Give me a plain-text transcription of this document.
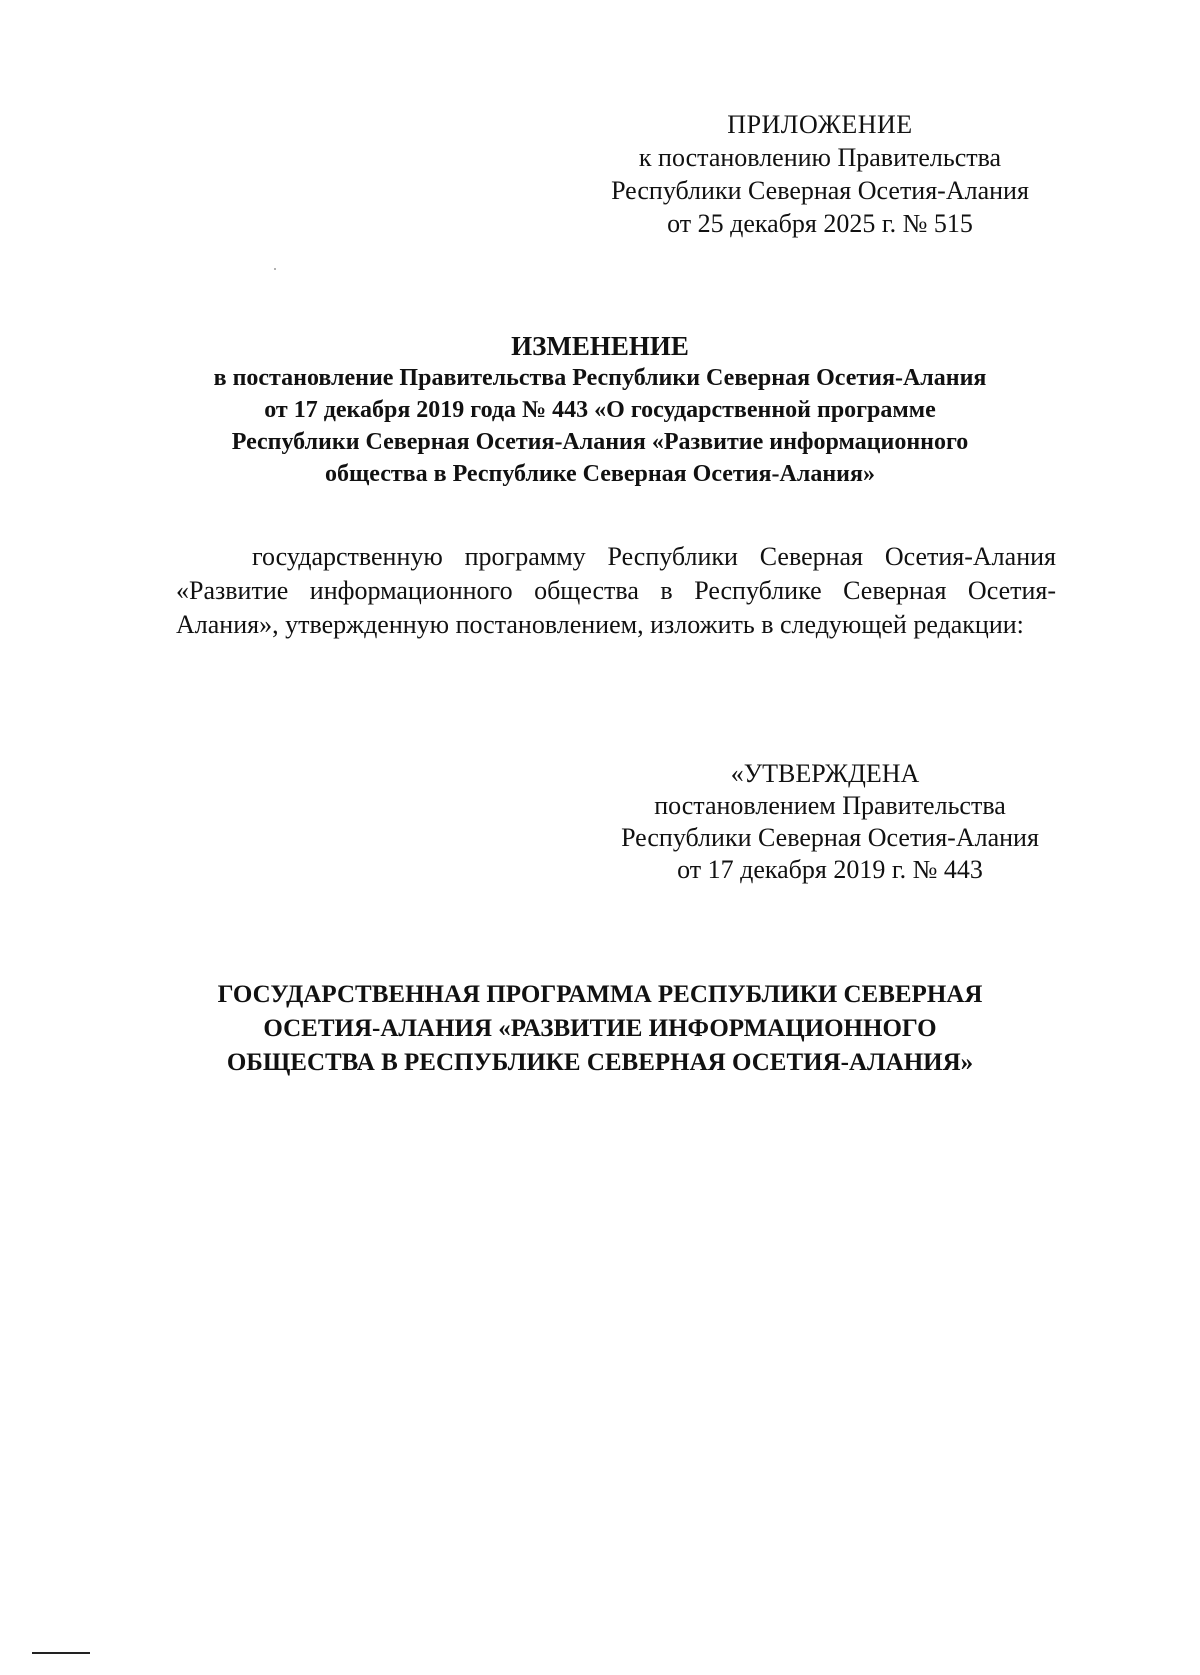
ПРИЛОЖЕНИЕ
к постановлению Правительства
Республики Северная Осетия-Алания
от 25 декабря 2025 г. № 515
ИЗМЕНЕНИЕ
в постановление Правительства Республики Северная Осетия-Алания
от 17 декабря 2019 года № 443 «О государственной программе
Республики Северная Осетия-Алания «Развитие информационного
общества в Республике Северная Осетия-Алания»
государственную программу Республики Северная Осетия-Алания
«Развитие информационного общества в Республике Северная Осетия-
Алания», утвержденную постановлением, изложить в следующей редакции:
«УТВЕРЖДЕНА
постановлением Правительства
Республики Северная Осетия-Алания
от 17 декабря 2019 г. № 443
ГОСУДАРСТВЕННАЯ ПРОГРАММА РЕСПУБЛИКИ СЕВЕРНАЯ
ОСЕТИЯ-АЛАНИЯ «РАЗВИТИЕ ИНФОРМАЦИОННОГО
ОБЩЕСТВА В РЕСПУБЛИКЕ СЕВЕРНАЯ ОСЕТИЯ-АЛАНИЯ»
